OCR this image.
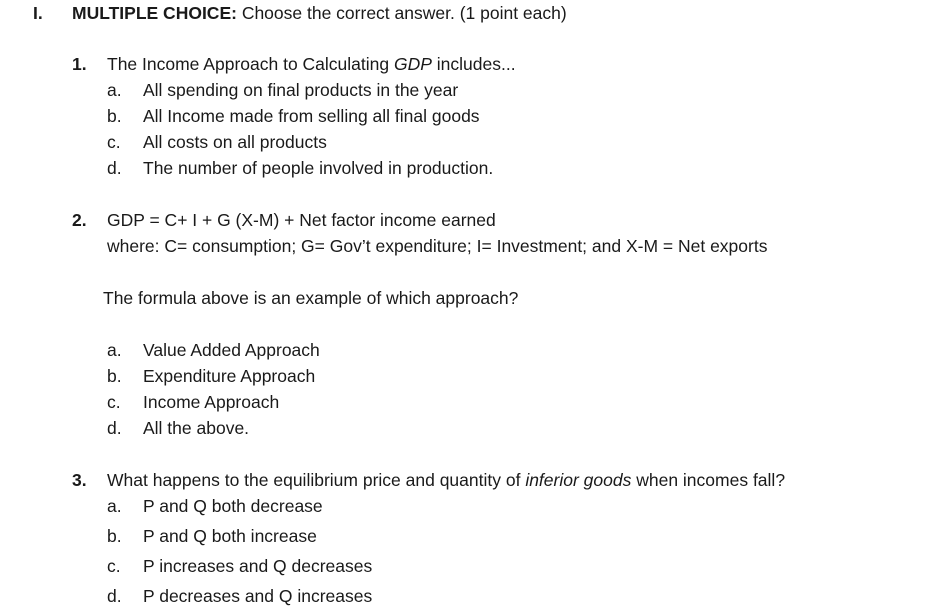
I. MULTIPLE CHOICE: Choose the correct answer. (1 point each)
1. The Income Approach to Calculating GDP includes...
a. All spending on final products in the year
b. All Income made from selling all final goods
c. All costs on all products
d. The number of people involved in production.
2. GDP = C+ I + G (X-M) + Net factor income earned
where: C= consumption; G= Gov’t expenditure; I= Investment; and X-M = Net exports
The formula above is an example of which approach?
a. Value Added Approach
b. Expenditure Approach
c. Income Approach
d. All the above.
3. What happens to the equilibrium price and quantity of inferior goods when incomes fall?
a. P and Q both decrease
b. P and Q both increase
c. P increases and Q decreases
d. P decreases and Q increases
